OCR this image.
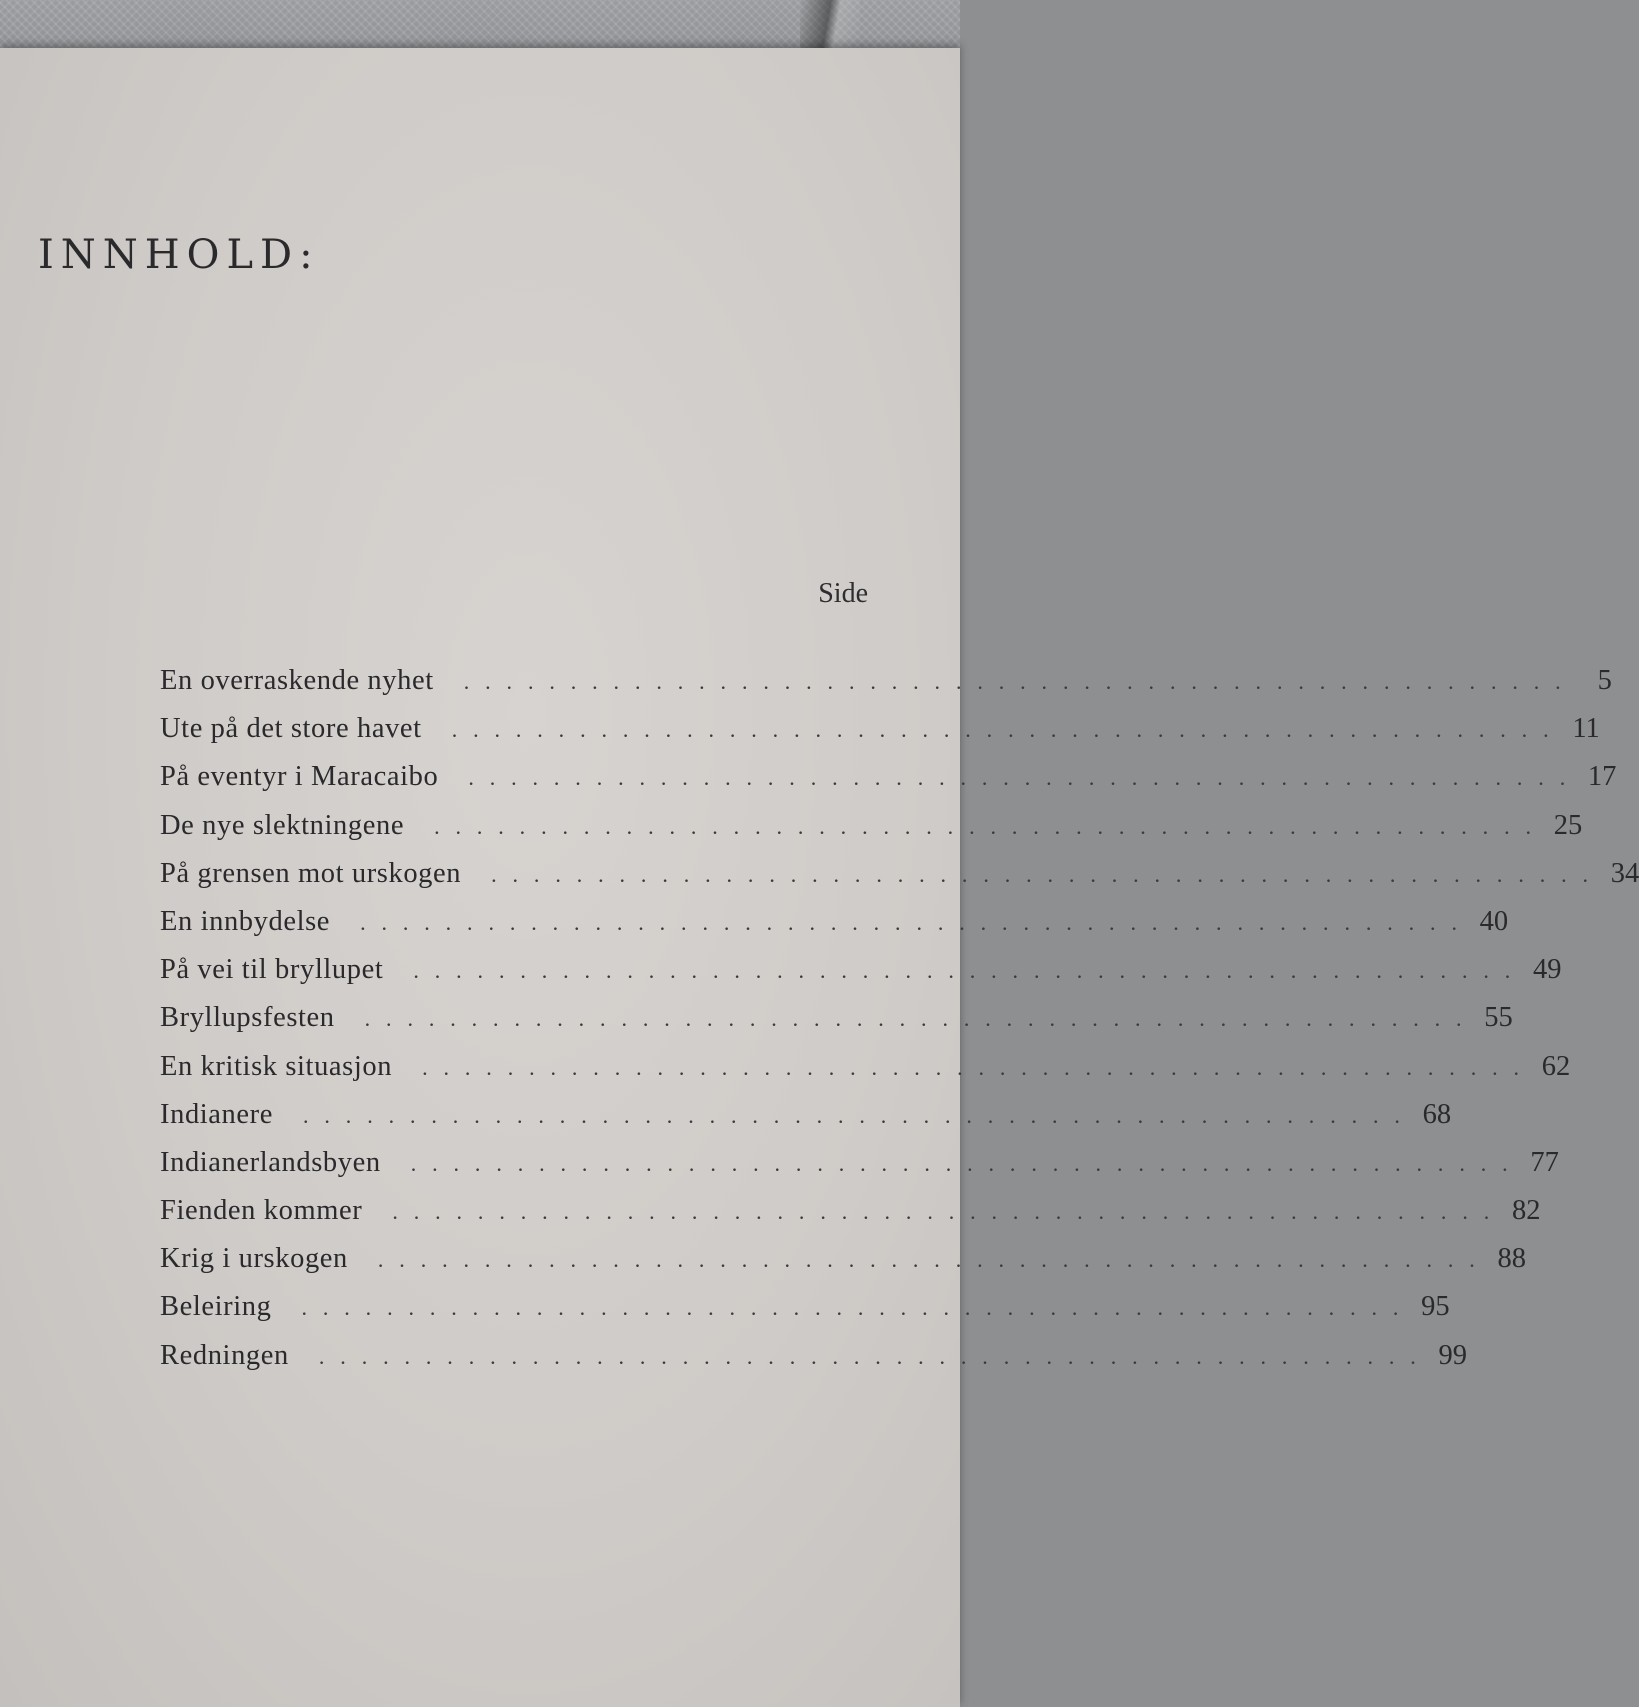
INNHOLD:
Side
En overraskende nyhet . . . . . . . . . . . . . . . . . . . . . . . . . . . . . . . . . . . . . . . . . . . . . . . . . . . .	5
Ute på det store havet . . . . . . . . . . . . . . . . . . . . . . . . . . . . . . . . . . . . . . . . . . . . . . . . . . . . 11
På eventyr i Maracaibo . . . . . . . . . . . . . . . . . . . . . . . . . . . . . . . . . . . . . . . . . . . . . . . . . . . . 17
De nye slektningene . . . . . . . . . . . . . . . . . . . . . . . . . . . . . . . . . . . . . . . . . . . . . . . . . . . . 25
På grensen mot urskogen . . . . . . . . . . . . . . . . . . . . . . . . . . . . . . . . . . . . . . . . . . . . . . . . . . . . 34
En innbydelse . . . . . . . . . . . . . . . . . . . . . . . . . . . . . . . . . . . . . . . . . . . . . . . . . . . . 40
På vei til bryllupet . . . . . . . . . . . . . . . . . . . . . . . . . . . . . . . . . . . . . . . . . . . . . . . . . . . . 49
Bryllupsfesten . . . . . . . . . . . . . . . . . . . . . . . . . . . . . . . . . . . . . . . . . . . . . . . . . . . . 55
En kritisk situasjon . . . . . . . . . . . . . . . . . . . . . . . . . . . . . . . . . . . . . . . . . . . . . . . . . . . . 62
Indianere . . . . . . . . . . . . . . . . . . . . . . . . . . . . . . . . . . . . . . . . . . . . . . . . . . . . 68
Indianerlandsbyen . . . . . . . . . . . . . . . . . . . . . . . . . . . . . . . . . . . . . . . . . . . . . . . . . . . . 77
Fienden kommer . . . . . . . . . . . . . . . . . . . . . . . . . . . . . . . . . . . . . . . . . . . . . . . . . . . . 82
Krig i urskogen . . . . . . . . . . . . . . . . . . . . . . . . . . . . . . . . . . . . . . . . . . . . . . . . . . . . 88
Beleiring . . . . . . . . . . . . . . . . . . . . . . . . . . . . . . . . . . . . . . . . . . . . . . . . . . . . 95
Redningen . . . . . . . . . . . . . . . . . . . . . . . . . . . . . . . . . . . . . . . . . . . . . . . . . . . . 99
